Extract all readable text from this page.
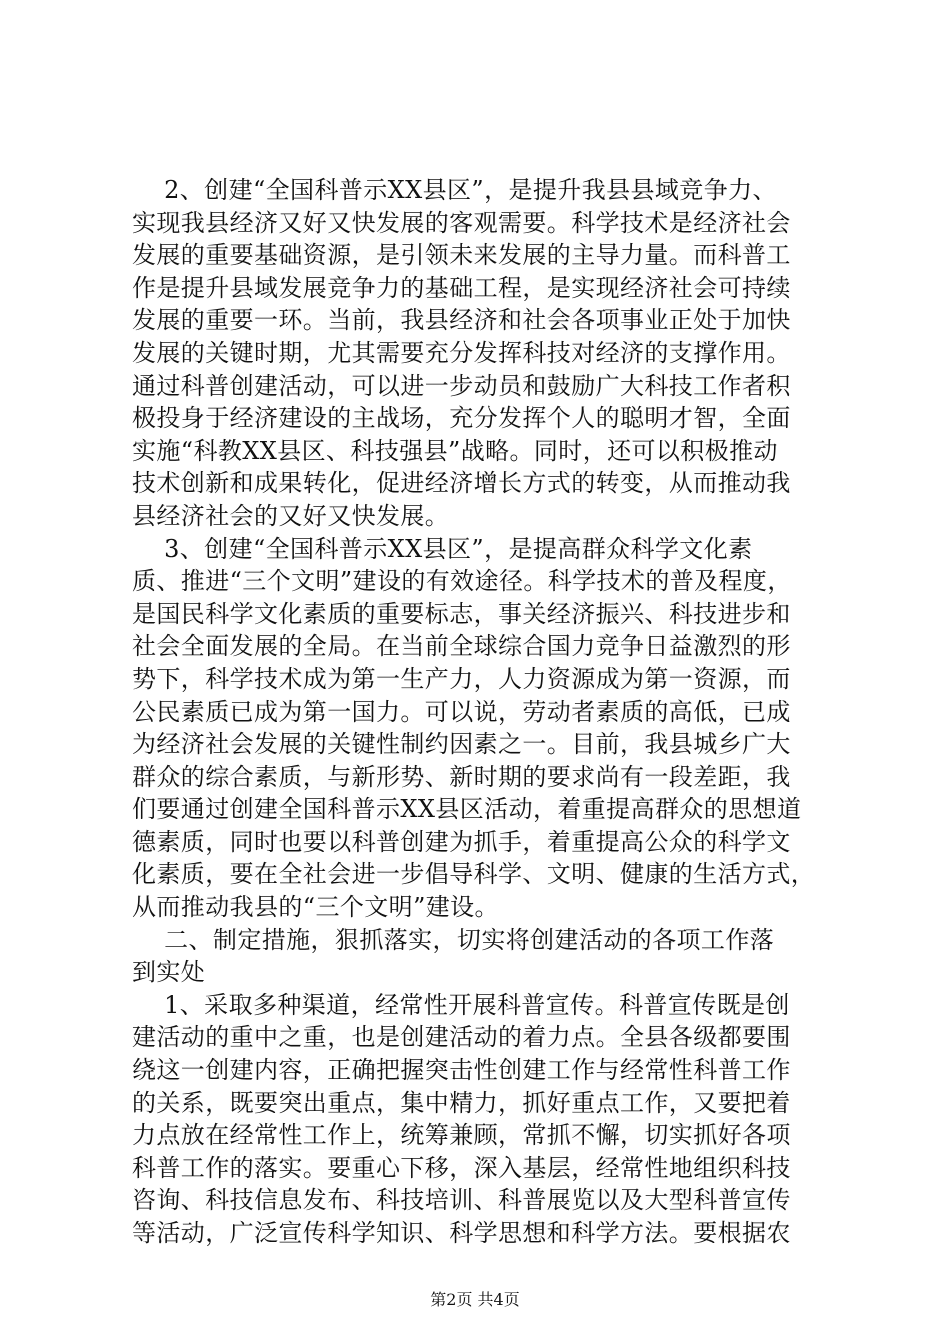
2、创建“全国科普示XX县区”，是提升我县县域竞争力、
实现我县经济又好又快发展的客观需要。科学技术是经济社会
发展的重要基础资源，是引领未来发展的主导力量。而科普工
作是提升县域发展竞争力的基础工程，是实现经济社会可持续
发展的重要一环。当前，我县经济和社会各项事业正处于加快
发展的关键时期，尤其需要充分发挥科技对经济的支撑作用。
通过科普创建活动，可以进一步动员和鼓励广大科技工作者积
极投身于经济建设的主战场，充分发挥个人的聪明才智，全面
实施“科教XX县区、科技强县”战略。同时，还可以积极推动
技术创新和成果转化，促进经济增长方式的转变，从而推动我
县经济社会的又好又快发展。
3、创建“全国科普示XX县区”，是提高群众科学文化素
质、推进“三个文明”建设的有效途径。科学技术的普及程度，
是国民科学文化素质的重要标志，事关经济振兴、科技进步和
社会全面发展的全局。在当前全球综合国力竞争日益激烈的形
势下，科学技术成为第一生产力，人力资源成为第一资源，而
公民素质已成为第一国力。可以说，劳动者素质的高低，已成
为经济社会发展的关键性制约因素之一。目前，我县城乡广大
群众的综合素质，与新形势、新时期的要求尚有一段差距，我
们要通过创建全国科普示XX县区活动，着重提高群众的思想道
德素质，同时也要以科普创建为抓手，着重提高公众的科学文
化素质，要在全社会进一步倡导科学、文明、健康的生活方式，
从而推动我县的“三个文明”建设。
二、制定措施，狠抓落实，切实将创建活动的各项工作落
到实处
1、采取多种渠道，经常性开展科普宣传。科普宣传既是创
建活动的重中之重，也是创建活动的着力点。全县各级都要围
绕这一创建内容，正确把握突击性创建工作与经常性科普工作
的关系，既要突出重点，集中精力，抓好重点工作，又要把着
力点放在经常性工作上，统筹兼顾，常抓不懈，切实抓好各项
科普工作的落实。要重心下移，深入基层，经常性地组织科技
咨询、科技信息发布、科技培训、科普展览以及大型科普宣传
等活动，广泛宣传科学知识、科学思想和科学方法。要根据农
第2页 共4页
